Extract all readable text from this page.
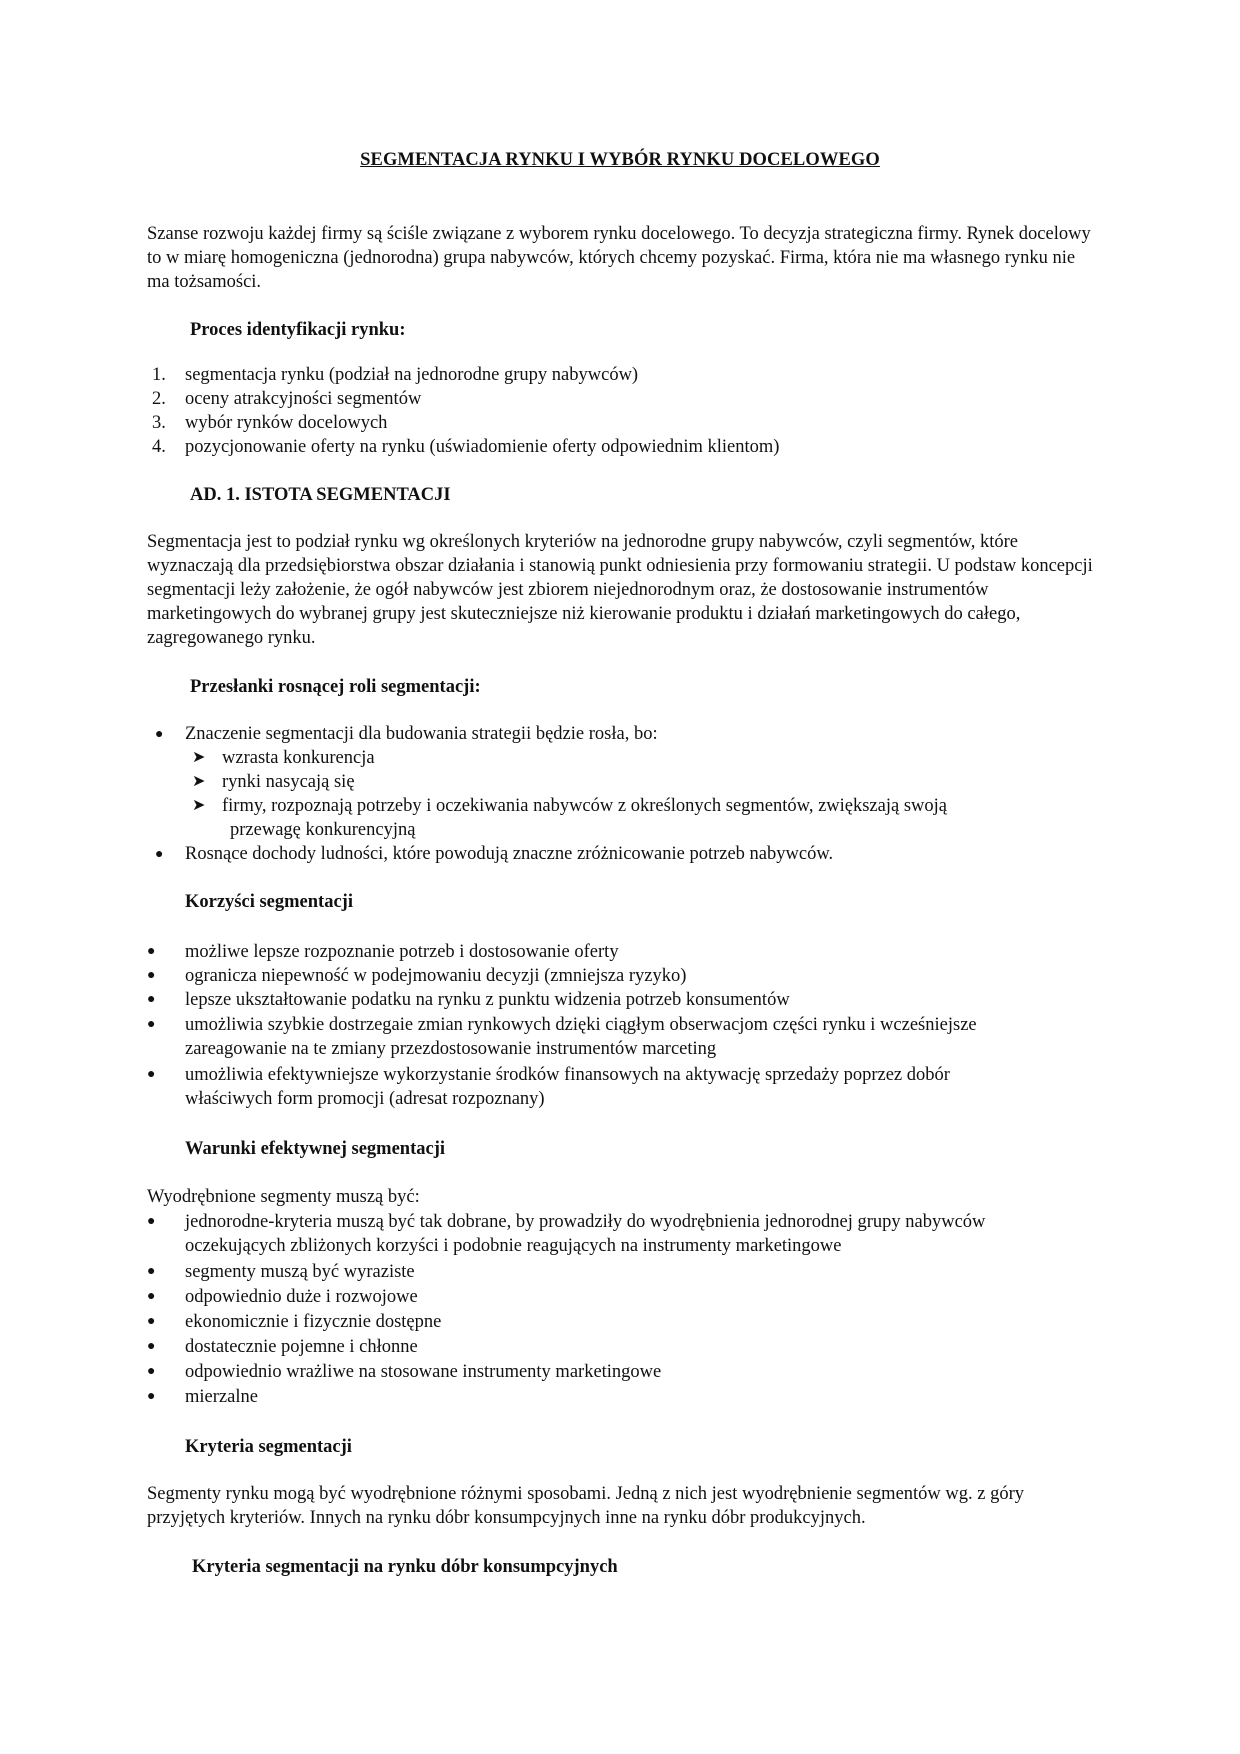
SEGMENTACJA RYNKU I WYBÓR RYNKU DOCELOWEGO

Szanse rozwoju każdej firmy są ściśle związane z wyborem rynku docelowego. To decyzja strategiczna firmy. Rynek docelowy to w miarę homogeniczna (jednorodna) grupa nabywców, których chcemy pozyskać. Firma, która nie ma własnego rynku nie ma tożsamości.

Proces identyfikacji rynku:
1. segmentacja rynku (podział na jednorodne grupy nabywców)
2. oceny atrakcyjności segmentów
3. wybór rynków docelowych
4. pozycjonowanie oferty na rynku (uświadomienie oferty odpowiednim klientom)
AD. 1. ISTOTA SEGMENTACJI

Segmentacja jest to podział rynku wg określonych kryteriów na jednorodne grupy nabywców, czyli segmentów, które wyznaczają dla przedsiębiorstwa obszar działania i stanowią punkt odniesienia przy formowaniu strategii. U podstaw koncepcji segmentacji leży założenie, że ogół nabywców jest zbiorem niejednorodnym oraz, że dostosowanie instrumentów marketingowych do wybranej grupy jest skuteczniejsze niż kierowanie produktu i działań marketingowych do całego, zagregowanego rynku.

Przesłanki rosnącej roli segmentacji:
● Znaczenie segmentacji dla budowania strategii będzie rosła, bo:
➤ wzrasta konkurencja
➤ rynki nasycają się
➤ firmy, rozpoznają potrzeby i oczekiwania nabywców z określonych segmentów, zwiększają swoją
przewagę konkurencyjną
● Rosnące dochody ludności, które powodują znaczne zróżnicowanie potrzeb nabywców.
Korzyści segmentacji
● możliwe lepsze rozpoznanie potrzeb i dostosowanie oferty
● ogranicza niepewność w podejmowaniu decyzji (zmniejsza ryzyko)
● lepsze ukształtowanie podatku na rynku z punktu widzenia potrzeb konsumentów
● umożliwia szybkie dostrzegaie zmian rynkowych dzięki ciągłym obserwacjom części rynku i wcześniejsze
zareagowanie na te zmiany przezdostosowanie instrumentów marceting
● umożliwia efektywniejsze wykorzystanie środków finansowych na aktywację sprzedaży poprzez dobór
właściwych form promocji (adresat rozpoznany)
Warunki efektywnej segmentacji

Wyodrębnione segmenty muszą być:

● jednorodne-kryteria muszą być tak dobrane, by prowadziły do wyodrębnienia jednorodnej grupy nabywców
oczekujących zbliżonych korzyści i podobnie reagujących na instrumenty marketingowe
● segmenty muszą być wyraziste
● odpowiednio duże i rozwojowe
● ekonomicznie i fizycznie dostępne
● dostatecznie pojemne i chłonne
● odpowiednio wrażliwe na stosowane instrumenty marketingowe
● mierzalne
Kryteria segmentacji

Segmenty rynku mogą być wyodrębnione różnymi sposobami. Jedną z nich jest wyodrębnienie segmentów wg. z góry przyjętych kryteriów. Innych na rynku dóbr konsumpcyjnych inne na rynku dóbr produkcyjnych.

Kryteria segmentacji na rynku dóbr konsumpcyjnych
